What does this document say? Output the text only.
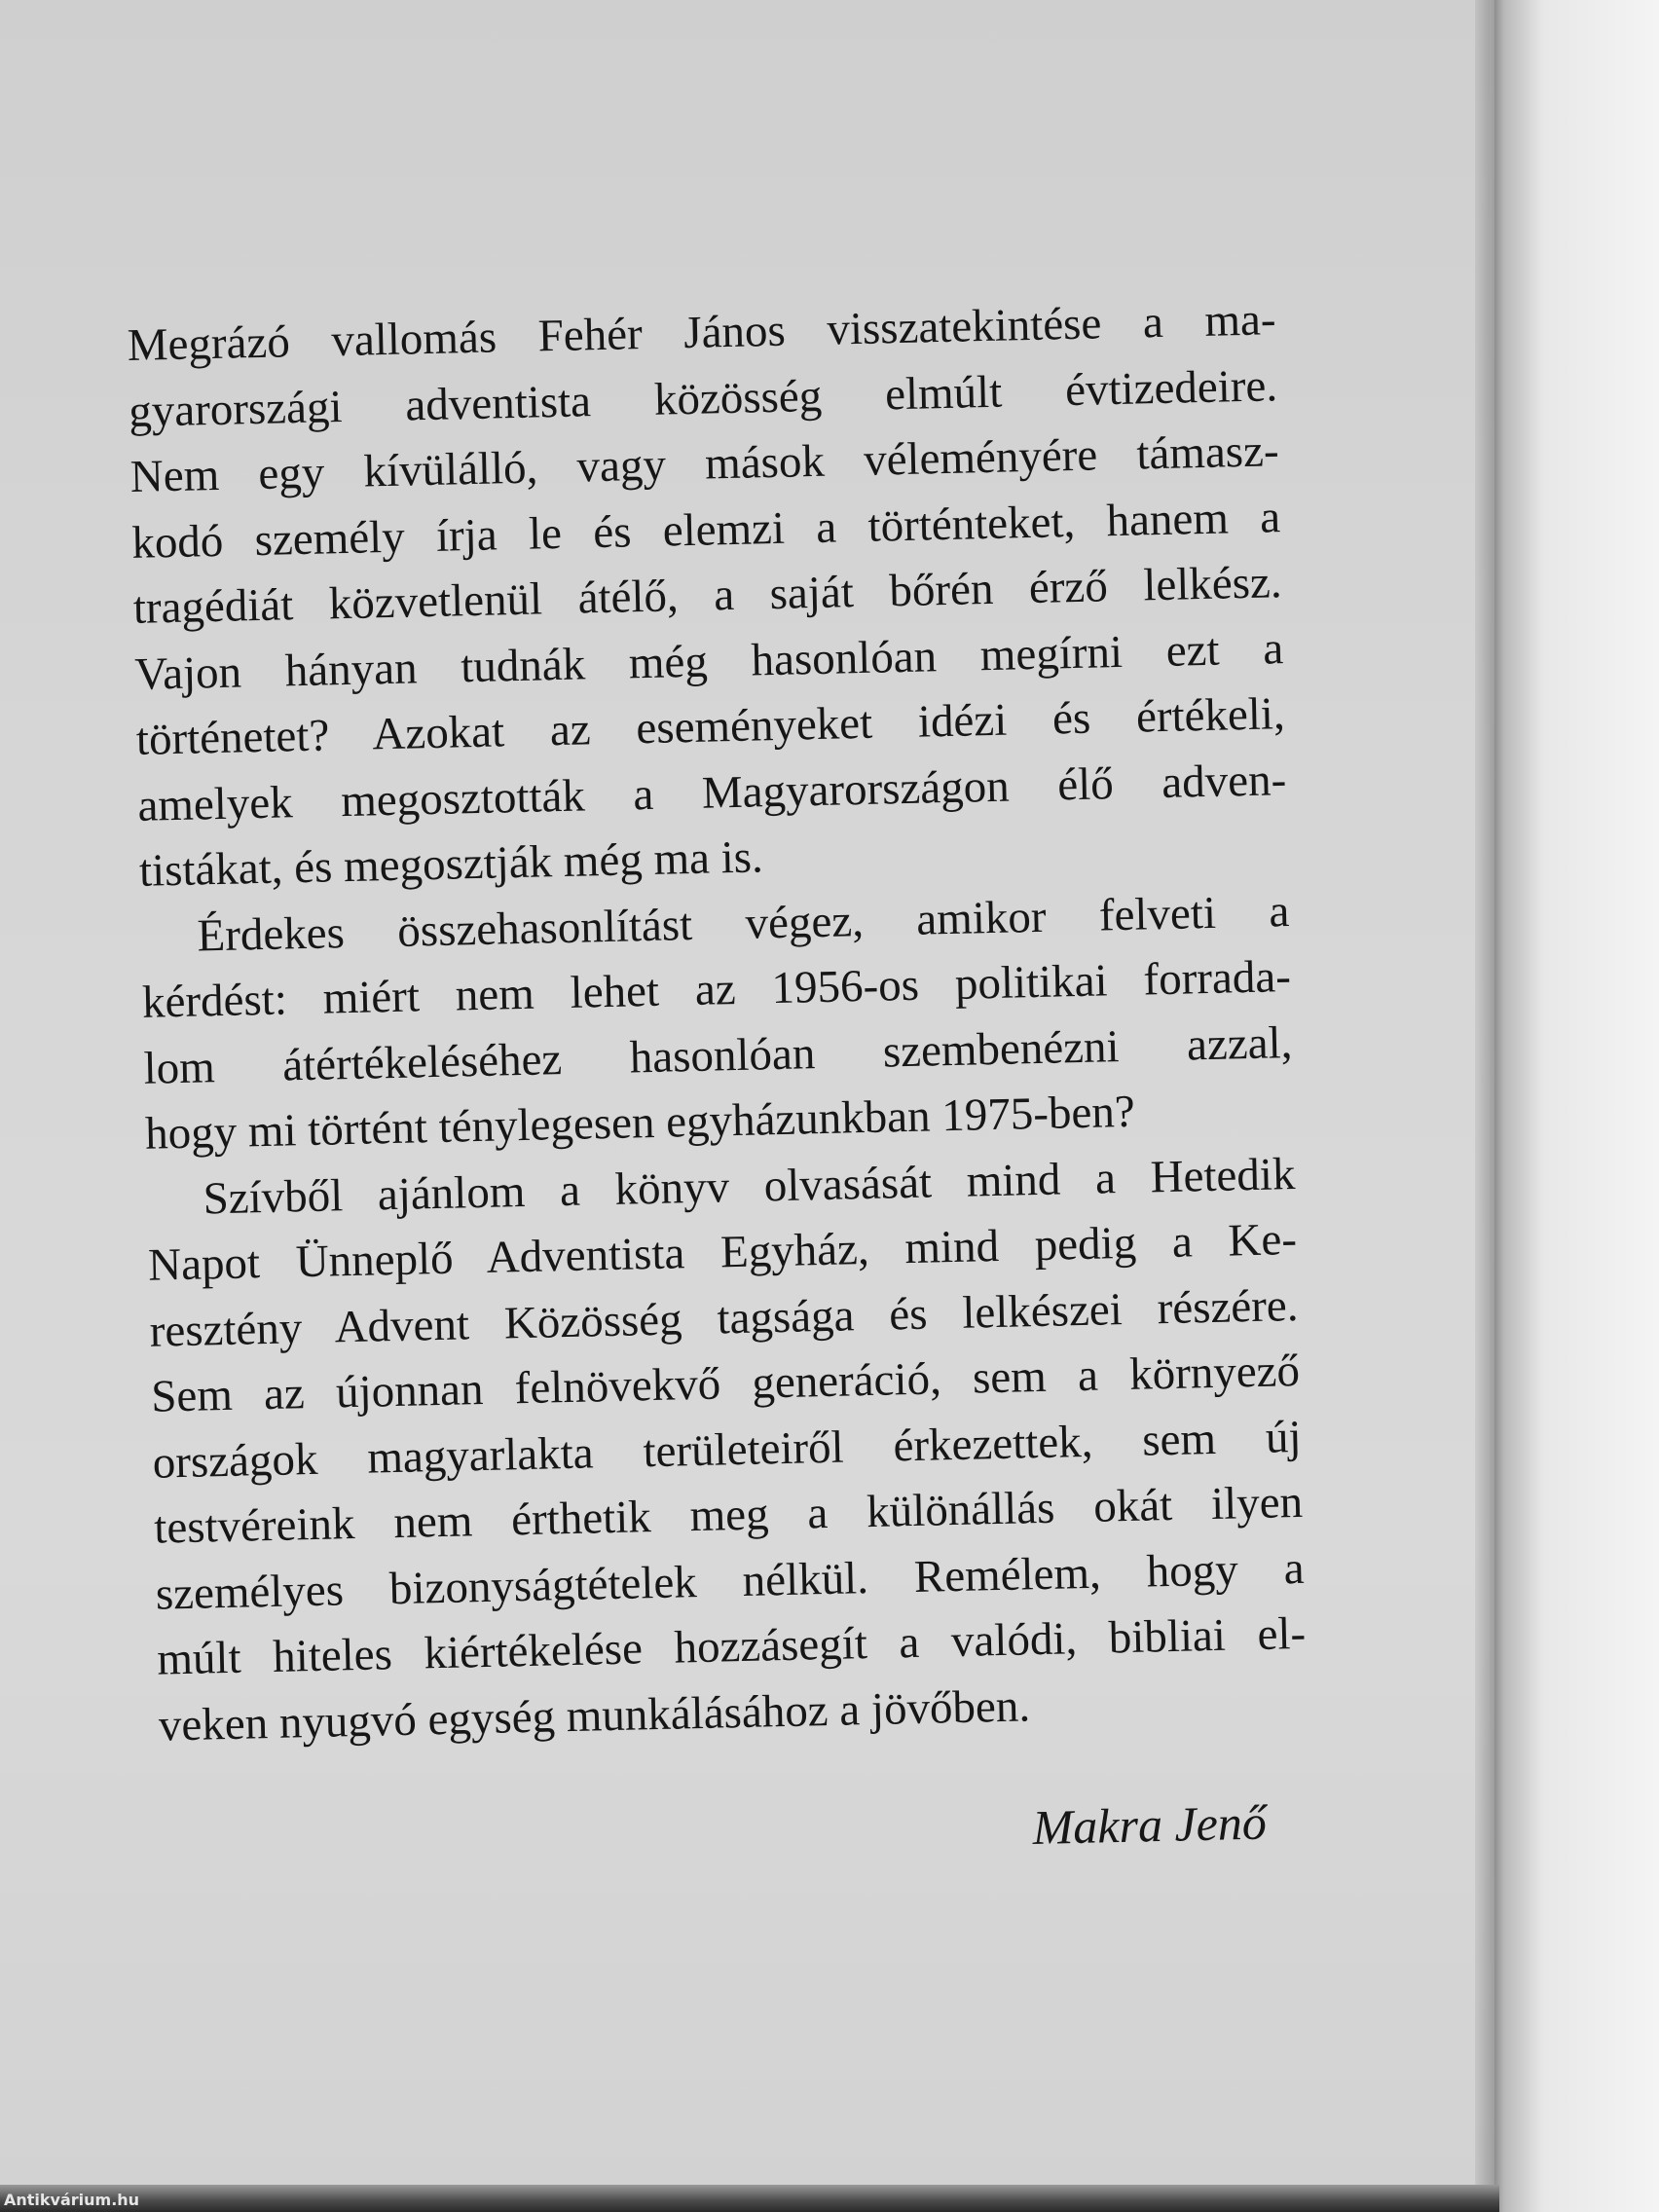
Megrázó vallomás Fehér János visszatekintése a ma-
gyarországi adventista közösség elmúlt évtizedeire.
Nem egy kívülálló, vagy mások véleményére támasz-
kodó személy írja le és elemzi a történteket, hanem a
tragédiát közvetlenül átélő, a saját bőrén érző lelkész.
Vajon hányan tudnák még hasonlóan megírni ezt a
történetet? Azokat az eseményeket idézi és értékeli,
amelyek megosztották a Magyarországon élő adven-
tistákat, és megosztják még ma is.

Érdekes összehasonlítást végez, amikor felveti a
kérdést: miért nem lehet az 1956-os politikai forrada-
lom átértékeléséhez hasonlóan szembenézni azzal,
hogy mi történt ténylegesen egyházunkban 1975-ben?

Szívből ajánlom a könyv olvasását mind a Hetedik
Napot Ünneplő Adventista Egyház, mind pedig a Ke-
resztény Advent Közösség tagsága és lelkészei részére.
Sem az újonnan felnövekvő generáció, sem a környező
országok magyarlakta területeiről érkezettek, sem új
testvéreink nem érthetik meg a különállás okát ilyen
személyes bizonyságtételek nélkül. Remélem, hogy a
múlt hiteles kiértékelése hozzásegít a valódi, bibliai el-
veken nyugvó egység munkálásához a jövőben.

Makra Jenő
Antikvárium.hu
